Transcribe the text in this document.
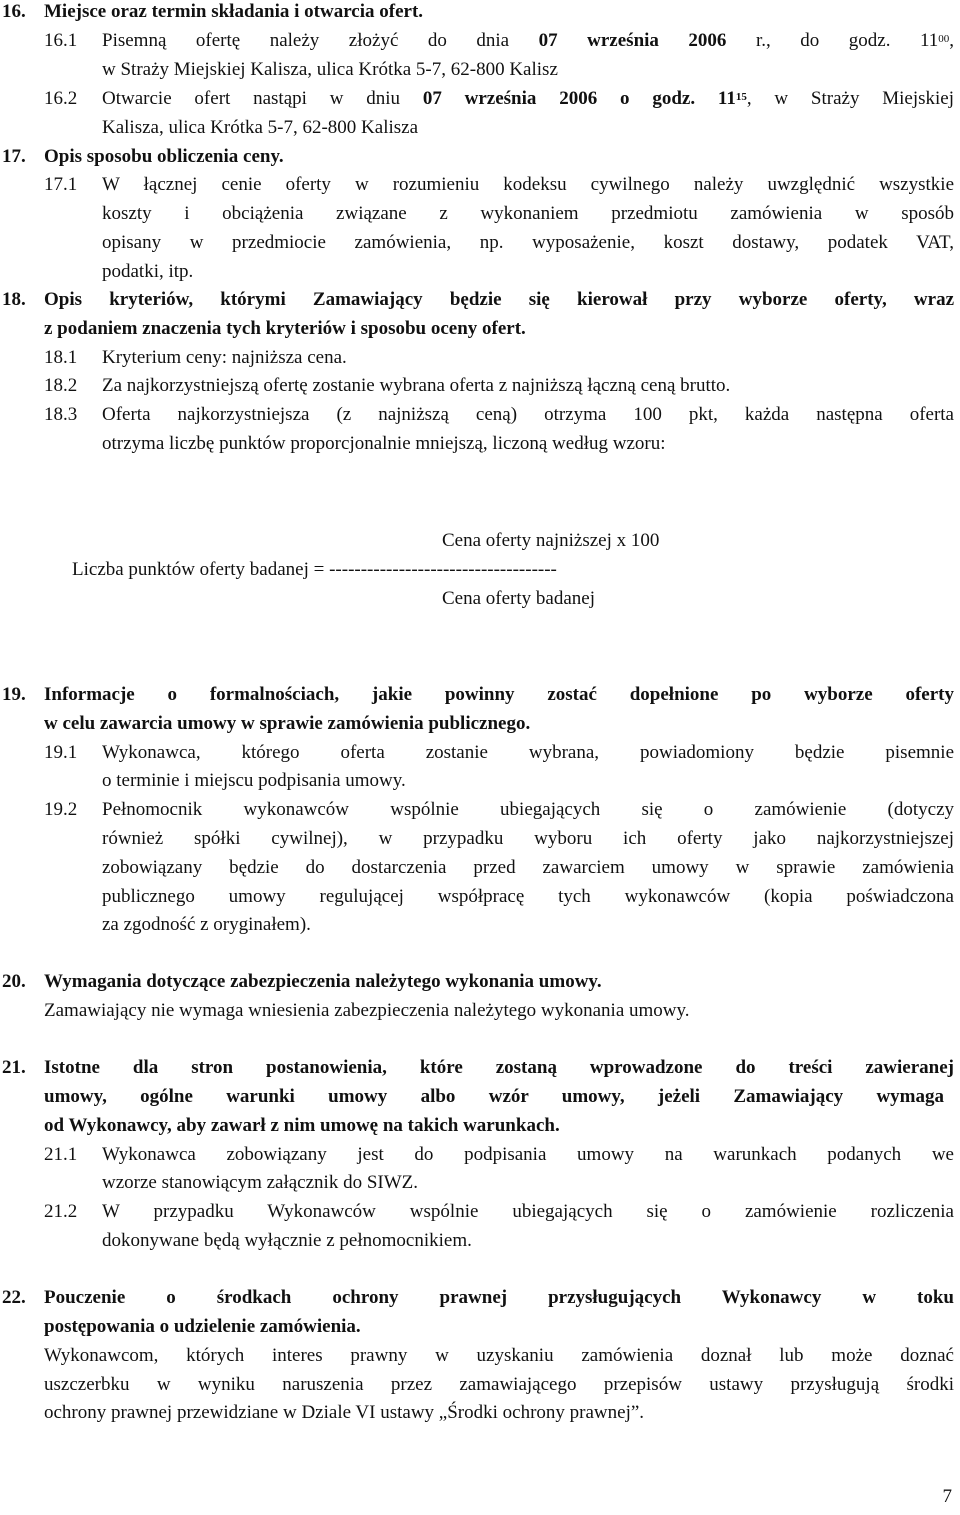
16. Miejsce oraz termin składania i otwarcia ofert.
16.1 Pisemną ofertę należy złożyć do dnia 07 września 2006 r., do godz. $11^{00}$,
w Straży Miejskiej Kalisza, ulica Krótka 5-7, 62-800 Kalisz
16.2 Otwarcie ofert nastąpi w dniu 07 września 2006 o godz. $11^{15}$, w Straży Miejskiej
Kalisza, ulica Krótka 5-7, 62-800 Kalisza
17. Opis sposobu obliczenia ceny.
17.1 W łącznej cenie oferty w rozumieniu kodeksu cywilnego należy uwzględnić wszystkie
koszty i obciążenia związane z wykonaniem przedmiotu zamówienia w sposób
opisany w przedmiocie zamówienia, np. wyposażenie, koszt dostawy, podatek VAT,
podatki, itp.
18. Opis kryteriów, którymi Zamawiający będzie się kierował przy wyborze oferty, wraz
z podaniem znaczenia tych kryteriów i sposobu oceny ofert.
18.1 Kryterium ceny: najniższa cena.
18.2 Za najkorzystniejszą ofertę zostanie wybrana oferta z najniższą łączną ceną brutto.
18.3 Oferta najkorzystniejsza (z najniższą ceną) otrzyma 100 pkt, każda następna oferta
otrzyma liczbę punktów proporcjonalnie mniejszą, liczoną według wzoru:
Cena oferty najniższej x 100
Liczba punktów oferty badanej = ------------------------------------
Cena oferty badanej
19. Informacje o formalnościach, jakie powinny zostać dopełnione po wyborze oferty
w celu zawarcia umowy w sprawie zamówienia publicznego.
19.1 Wykonawca, którego oferta zostanie wybrana, powiadomiony będzie pisemnie
o terminie i miejscu podpisania umowy.
19.2 Pełnomocnik wykonawców wspólnie ubiegających się o zamówienie (dotyczy
również spółki cywilnej), w przypadku wyboru ich oferty jako najkorzystniejszej
zobowiązany będzie do dostarczenia przed zawarciem umowy w sprawie zamówienia
publicznego umowy regulującej współpracę tych wykonawców (kopia poświadczona
za zgodność z oryginałem).
20. Wymagania dotyczące zabezpieczenia należytego wykonania umowy.
Zamawiający nie wymaga wniesienia zabezpieczenia należytego wykonania umowy.
21. Istotne dla stron postanowienia, które zostaną wprowadzone do treści zawieranej
umowy, ogólne warunki umowy albo wzór umowy, jeżeli Zamawiający wymaga
od Wykonawcy, aby zawarł z nim umowę na takich warunkach.
21.1 Wykonawca zobowiązany jest do podpisania umowy na warunkach podanych we
wzorze stanowiącym załącznik do SIWZ.
21.2 W przypadku Wykonawców wspólnie ubiegających się o zamówienie rozliczenia
dokonywane będą wyłącznie z pełnomocnikiem.
22. Pouczenie o środkach ochrony prawnej przysługujących Wykonawcy w toku
postępowania o udzielenie zamówienia.
Wykonawcom, których interes prawny w uzyskaniu zamówienia doznał lub może doznać
uszczerbku w wyniku naruszenia przez zamawiającego przepisów ustawy przysługują środki
ochrony prawnej przewidziane w Dziale VI ustawy „Środki ochrony prawnej”.
7
